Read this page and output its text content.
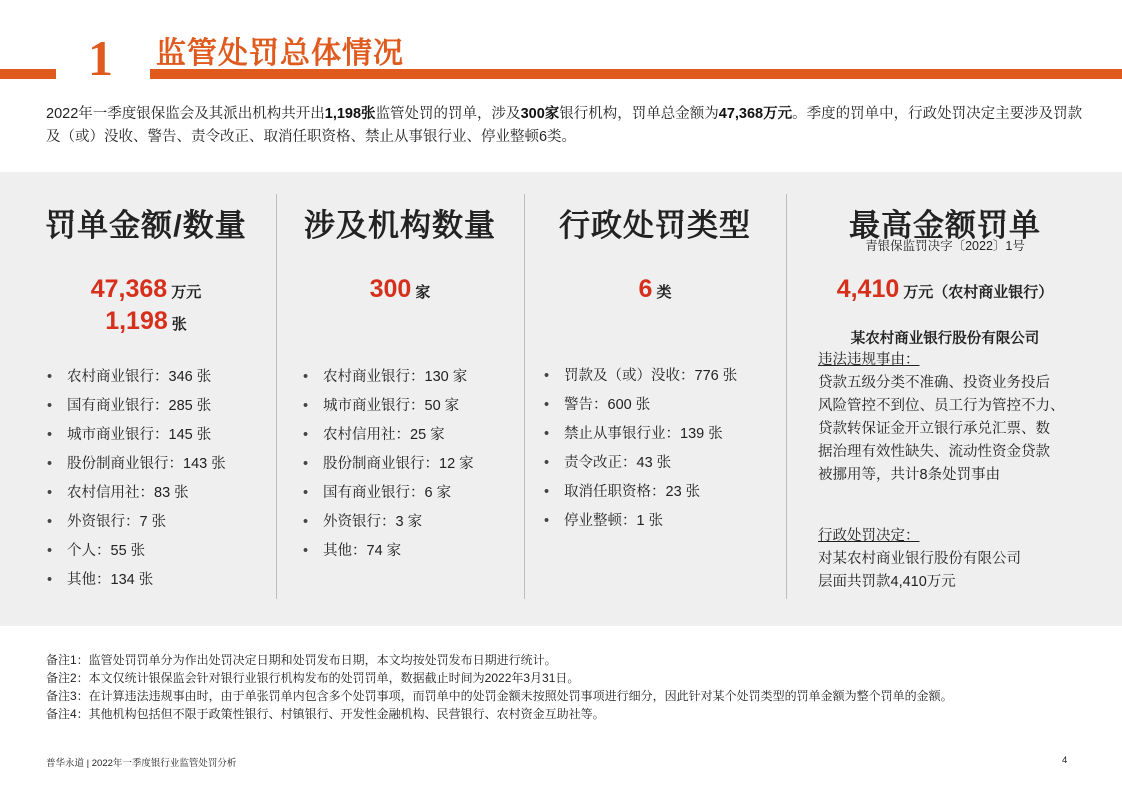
1 监管处罚总体情况
2022年一季度银保监会及其派出机构共开出1,198张监管处罚的罚单，涉及300家银行机构，罚单总金额为47,368万元。季度的罚单中，行政处罚决定主要涉及罚款及（或）没收、警告、责令改正、取消任职资格、禁止从事银行业、停业整顿6类。
罚单金额/数量
47,368 万元
1,198 张
• 农村商业银行：346 张
• 国有商业银行：285 张
• 城市商业银行：145 张
• 股份制商业银行：143 张
• 农村信用社：83 张
• 外资银行：7 张
• 个人：55 张
• 其他：134 张
涉及机构数量
300 家
• 农村商业银行：130 家
• 城市商业银行：50 家
• 农村信用社：25 家
• 股份制商业银行：12 家
• 国有商业银行：6 家
• 外资银行：3 家
• 其他：74 家
行政处罚类型
6 类
• 罚款及（或）没收：776 张
• 警告：600 张
• 禁止从事银行业：139 张
• 责令改正：43 张
• 取消任职资格：23 张
• 停业整顿：1 张
最高金额罚单
青银保监罚决字〔2022〕1号
4,410 万元（农村商业银行）
某农村商业银行股份有限公司
违法违规事由：
贷款五级分类不准确、投资业务投后
风险管控不到位、员工行为管控不力、
贷款转保证金开立银行承兑汇票、数
据治理有效性缺失、流动性资金贷款
被挪用等，共计8条处罚事由
行政处罚决定：
对某农村商业银行股份有限公司
层面共罚款4,410万元
备注1：监管处罚罚单分为作出处罚决定日期和处罚发布日期，本文均按处罚发布日期进行统计。
备注2：本文仅统计银保监会针对银行业银行机构发布的处罚罚单，数据截止时间为2022年3月31日。
备注3：在计算违法违规事由时，由于单张罚单内包含多个处罚事项，而罚单中的处罚金额未按照处罚事项进行细分，因此针对某个处罚类型的罚单金额为整个罚单的金额。
备注4：其他机构包括但不限于政策性银行、村镇银行、开发性金融机构、民营银行、农村资金互助社等。
普华永道 | 2022年一季度银行业监管处罚分析	4
